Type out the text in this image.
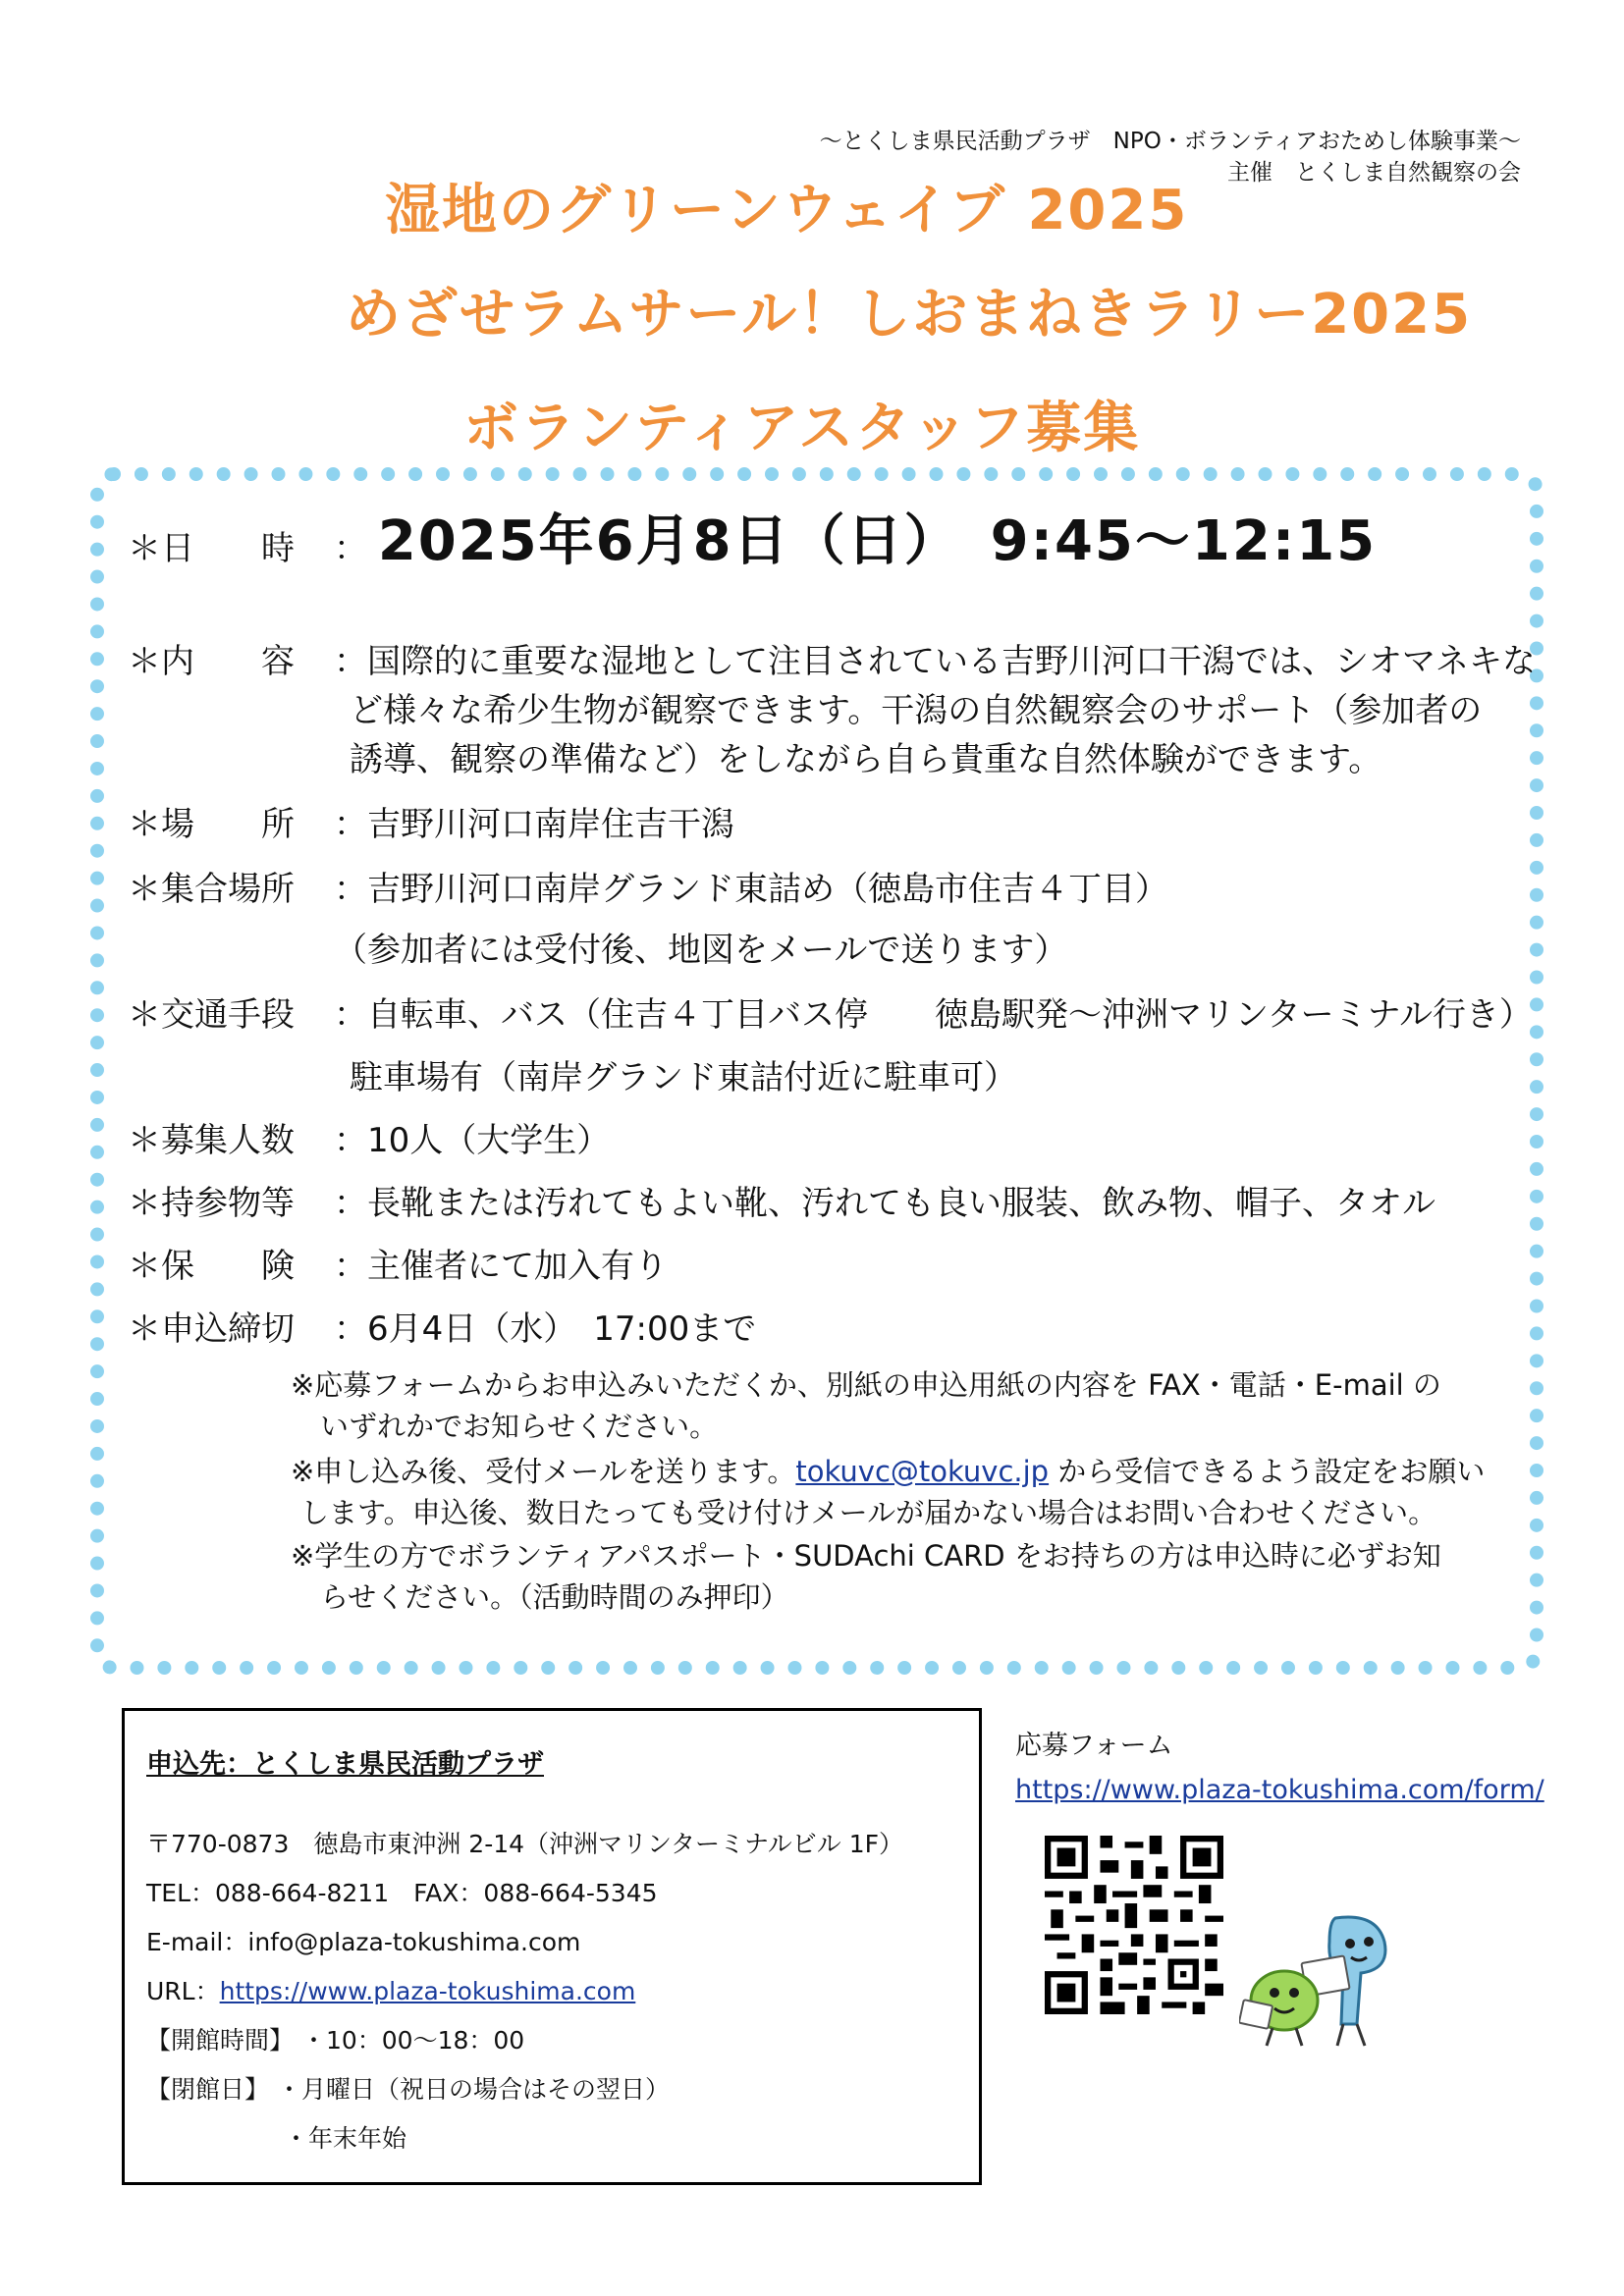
～とくしま県民活動プラザ　NPO・ボランティアおためし体験事業～
主催　とくしま自然観察の会
湿地のグリーンウェイブ 2025
めざせラムサール！しおまねきラリー2025
ボランティアスタッフ募集
＊日　　時 ： 2025年6月8日（日）　9:45～12:15
＊内　　容 ：国際的に重要な湿地として注目されている吉野川河口干潟では、シオマネキな
ど様々な希少生物が観察できます。干潟の自然観察会のサポート（参加者の
誘導、観察の準備など）をしながら自ら貴重な自然体験ができます。
＊場　　所 ：吉野川河口南岸住吉干潟
＊集合場所 ：吉野川河口南岸グランド東詰め（徳島市住吉４丁目）
（参加者には受付後、地図をメールで送ります）
＊交通手段 ：自転車、バス（住吉４丁目バス停　　徳島駅発～沖洲マリンターミナル行き）
駐車場有（南岸グランド東詰付近に駐車可）
＊募集人数 ：10人（大学生）
＊持参物等 ：長靴または汚れてもよい靴、汚れても良い服装、飲み物、帽子、タオル
＊保　　険 ：主催者にて加入有り
＊申込締切 ：6月4日（水）　17:00まで
※応募フォームからお申込みいただくか、別紙の申込用紙の内容を FAX・電話・E-mail の
いずれかでお知らせください。
※申し込み後、受付メールを送ります。tokuvc@tokuvc.jp から受信できるよう設定をお願い
します。申込後、数日たっても受け付けメールが届かない場合はお問い合わせください。
※学生の方でボランティアパスポート・SUDAchi CARD をお持ちの方は申込時に必ずお知
らせください。（活動時間のみ押印）
申込先：とくしま県民活動プラザ
〒770-0873　徳島市東沖洲 2-14（沖洲マリンターミナルビル 1F）
TEL：088-664-8211　FAX：088-664-5345
E-mail：info@plaza-tokushima.com
URL：https://www.plaza-tokushima.com
【開館時間】 ・10：00～18：00
【閉館日】 ・月曜日（祝日の場合はその翌日）
・年末年始
応募フォーム
https://www.plaza-tokushima.com/form/
